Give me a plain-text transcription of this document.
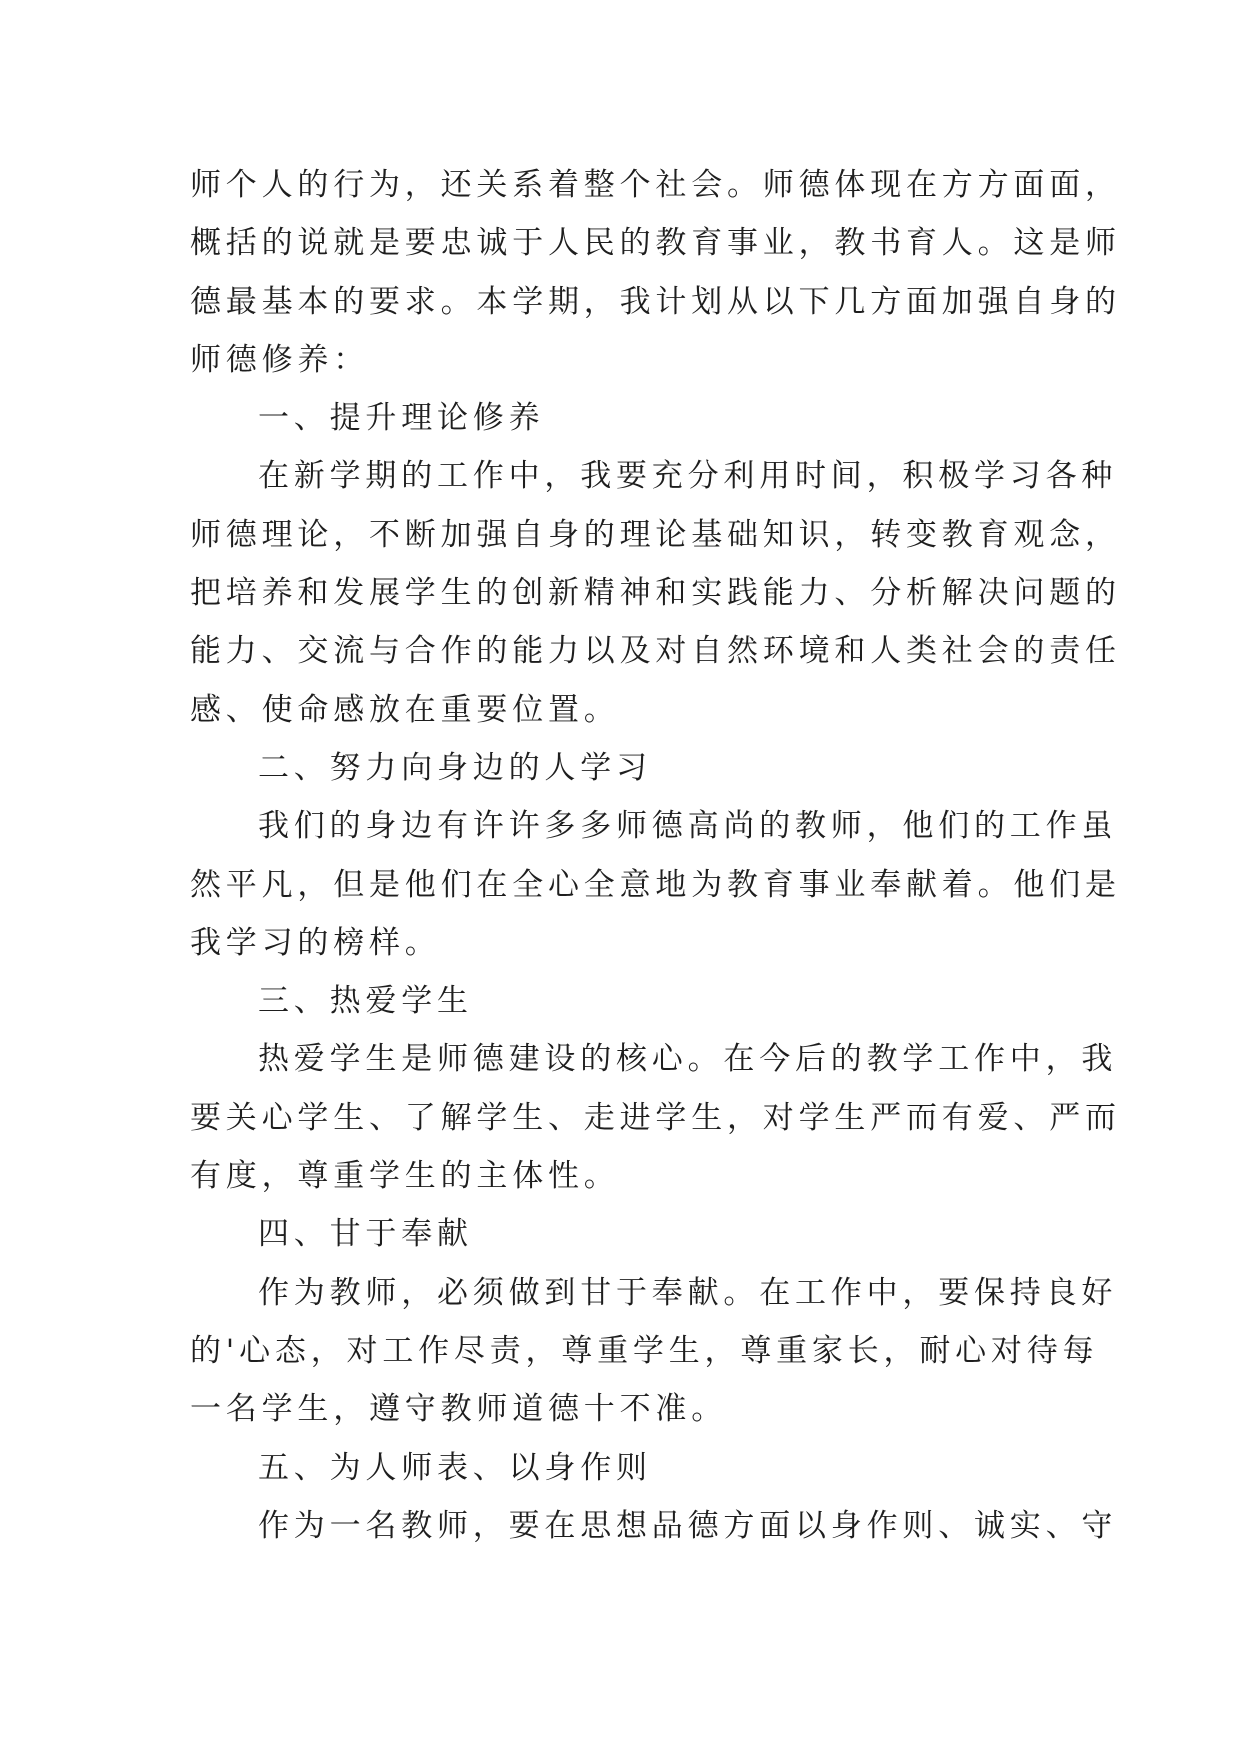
师个人的行为，还关系着整个社会。师德体现在方方面面，
概括的说就是要忠诚于人民的教育事业，教书育人。这是师
德最基本的要求。本学期，我计划从以下几方面加强自身的
师德修养：
一、提升理论修养
在新学期的工作中，我要充分利用时间，积极学习各种
师德理论，不断加强自身的理论基础知识，转变教育观念，
把培养和发展学生的创新精神和实践能力、分析解决问题的
能力、交流与合作的能力以及对自然环境和人类社会的责任
感、使命感放在重要位置。
二、努力向身边的人学习
我们的身边有许许多多师德高尚的教师，他们的工作虽
然平凡，但是他们在全心全意地为教育事业奉献着。他们是
我学习的榜样。
三、热爱学生
热爱学生是师德建设的核心。在今后的教学工作中，我
要关心学生、了解学生、走进学生，对学生严而有爱、严而
有度，尊重学生的主体性。
四、甘于奉献
作为教师，必须做到甘于奉献。在工作中，要保持良好
的'心态，对工作尽责，尊重学生，尊重家长，耐心对待每
一名学生，遵守教师道德十不准。
五、为人师表、以身作则
作为一名教师，要在思想品德方面以身作则、诚实、守
